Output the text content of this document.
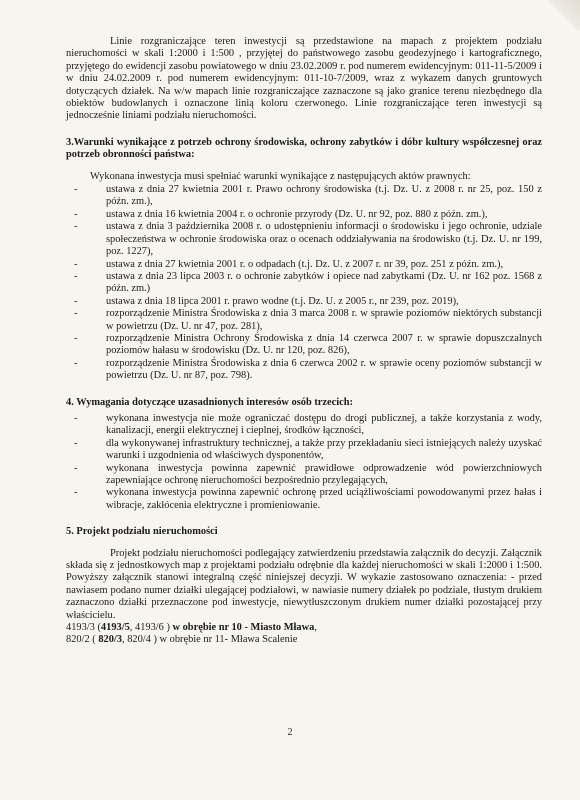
Linie rozgraniczające teren inwestycji są przedstawione na mapach z projektem podziału nieruchomości w skali 1:2000 i 1:500 , przyjętej do państwowego zasobu geodezyjnego i kartograficznego, przyjętego do ewidencji zasobu powiatowego w dniu 23.02.2009 r. pod numerem ewidencyjnym: 011-11-5/2009 i w dniu 24.02.2009 r. pod numerem ewidencyjnym: 011-10-7/2009, wraz z wykazem danych gruntowych dotyczących działek. Na w/w mapach linie rozgraniczające zaznaczone są jako granice terenu niezbędnego dla obiektów budowlanych i oznaczone linią koloru czerwonego. Linie rozgraniczające teren inwestycji są jednocześnie liniami podziału nieruchomości.

3.Warunki wynikające z potrzeb ochrony środowiska, ochrony zabytków i dóbr kultury współczesnej oraz potrzeb obronności państwa:

Wykonana inwestycja musi spełniać warunki wynikające z następujących aktów prawnych:

- ustawa z dnia 27 kwietnia 2001 r. Prawo ochrony środowiska (t.j. Dz. U. z 2008 r. nr 25, poz. 150 z późn. zm.),
- ustawa z dnia 16 kwietnia 2004 r. o ochronie przyrody (Dz. U. nr 92, poz. 880 z późn. zm.),
- ustawa z dnia 3 października 2008 r. o udostępnieniu informacji o środowisku i jego ochronie, udziale społeczeństwa w ochronie środowiska oraz o ocenach oddziaływania na środowisko (t.j. Dz. U. nr 199, poz. 1227),
- ustawa z dnia 27 kwietnia 2001 r. o odpadach (t.j. Dz. U. z 2007 r. nr 39, poz. 251 z późn. zm.),
- ustawa z dnia 23 lipca 2003 r. o ochronie zabytków i opiece nad zabytkami (Dz. U. nr 162 poz. 1568 z późn. zm.)
- ustawa z dnia 18 lipca 2001 r. prawo wodne (t.j. Dz. U. z 2005 r., nr 239, poz. 2019),
- rozporządzenie Ministra Środowiska z dnia 3 marca 2008 r. w sprawie poziomów niektórych substancji w powietrzu (Dz. U. nr 47, poz. 281),
- rozporządzenie Ministra Ochrony Środowiska z dnia 14 czerwca 2007 r. w sprawie dopuszczalnych poziomów hałasu w środowisku (Dz. U. nr 120, poz. 826),
- rozporządzenie Ministra Środowiska z dnia 6 czerwca 2002 r. w sprawie oceny poziomów substancji w powietrzu (Dz. U. nr 87, poz. 798).

4. Wymagania dotyczące uzasadnionych interesów osób trzecich:

- wykonana inwestycja nie może ograniczać dostępu do drogi publicznej, a także korzystania z wody, kanalizacji, energii elektrycznej i cieplnej, środków łączności,
- dla wykonywanej infrastruktury technicznej, a także przy przekładaniu sieci istniejących należy uzyskać warunki i uzgodnienia od właściwych dysponentów,
- wykonana inwestycja powinna zapewnić prawidłowe odprowadzenie wód powierzchniowych zapewniające ochronę nieruchomości bezpośrednio przylegających,
- wykonana inwestycja powinna zapewnić ochronę przed uciążliwościami powodowanymi przez hałas i wibracje, zakłócenia elektryczne i promieniowanie.

5. Projekt podziału nieruchomości

Projekt podziału nieruchomości podlegający zatwierdzeniu przedstawia załącznik do decyzji. Załącznik składa się z jednostkowych map z projektami podziału odrębnie dla każdej nieruchomości w skali 1:2000 i 1:500. Powyższy załącznik stanowi integralną część niniejszej decyzji. W wykazie zastosowano oznaczenia: - przed nawiasem podano numer działki ulegającej podziałowi, w nawiasie numery działek po podziale, tłustym drukiem zaznaczono działki przeznaczone pod inwestycje, niewytłuszczonym drukiem numer działki pozostającej przy właścicielu.

4193/3 (4193/5, 4193/6 ) w obrębie nr 10 - Miasto Mława,

820/2 ( 820/3, 820/4 ) w obrębie nr 11- Mława Scalenie

2
